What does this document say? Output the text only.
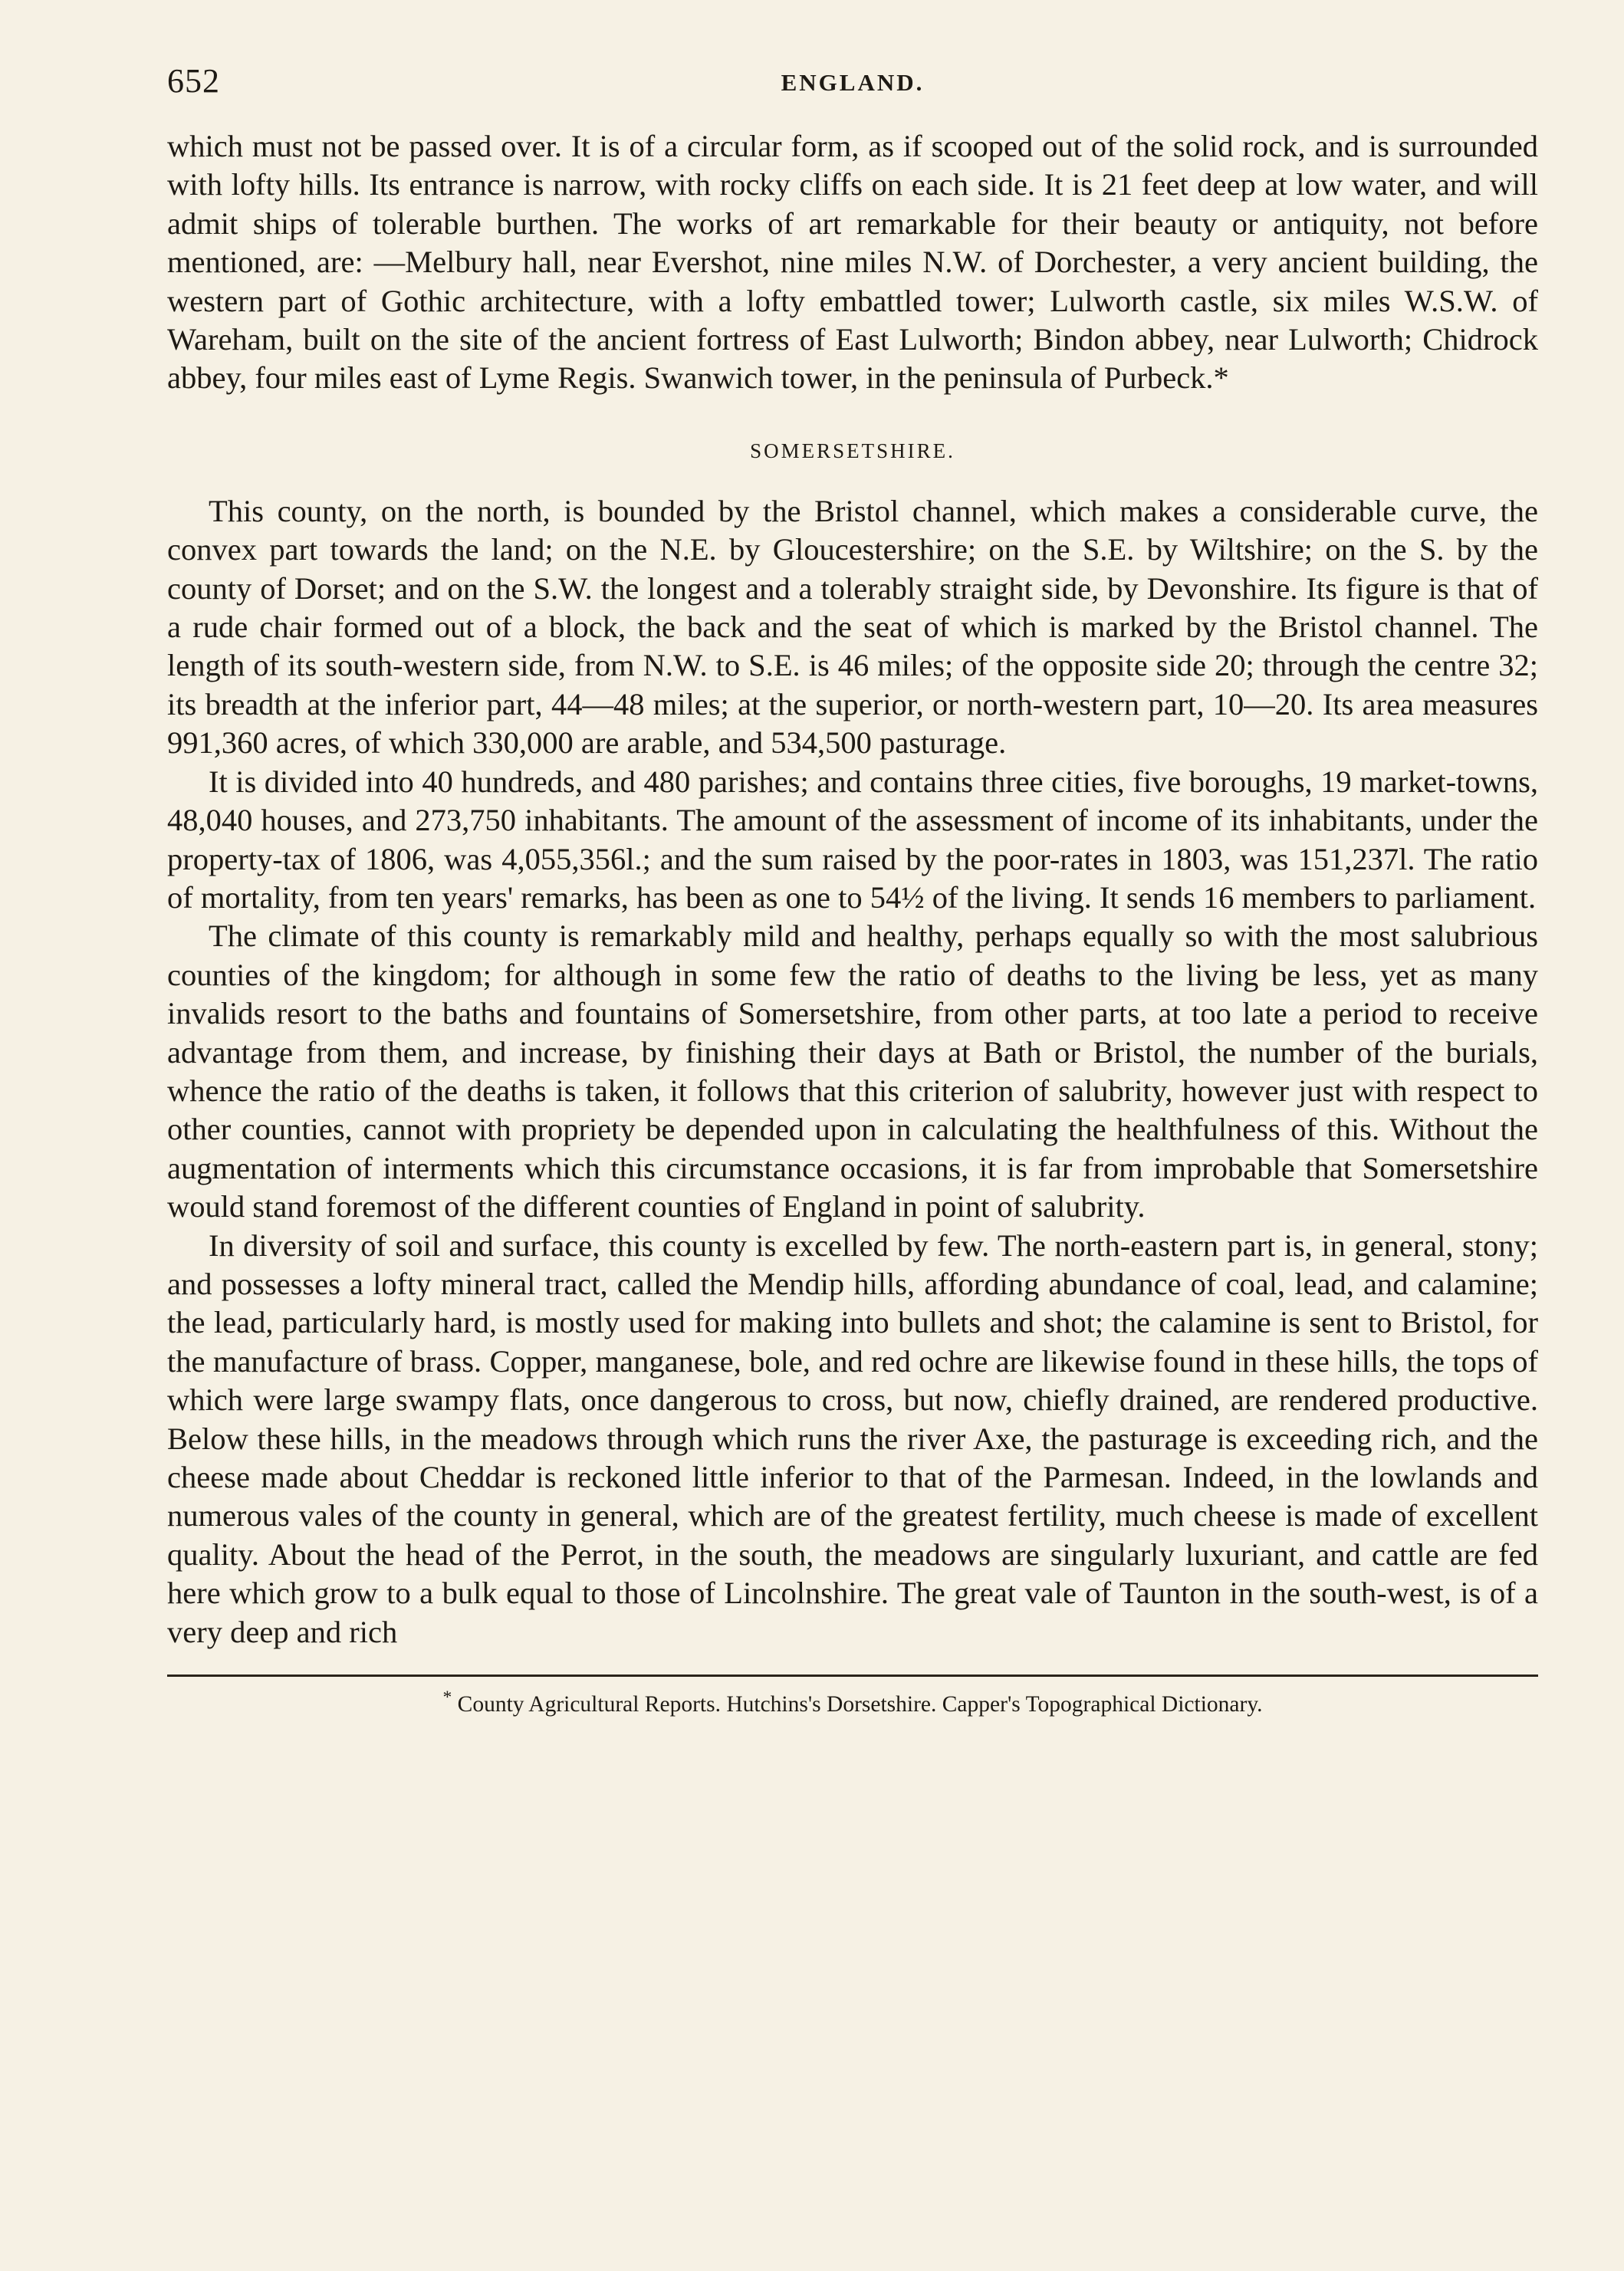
652	ENGLAND.

which must not be passed over. It is of a circular form, as if scooped out of the solid rock, and is surrounded with lofty hills. Its entrance is narrow, with rocky cliffs on each side. It is 21 feet deep at low water, and will admit ships of tolerable burthen. The works of art remarkable for their beauty or antiquity, not before mentioned, are: —Melbury hall, near Evershot, nine miles N.W. of Dorchester, a very ancient building, the western part of Gothic architecture, with a lofty embattled tower; Lulworth castle, six miles W.S.W. of Wareham, built on the site of the ancient fortress of East Lulworth; Bindon abbey, near Lulworth; Chidrock abbey, four miles east of Lyme Regis. Swanwich tower, in the peninsula of Purbeck.*

SOMERSETSHIRE.

This county, on the north, is bounded by the Bristol channel, which makes a considerable curve, the convex part towards the land; on the N.E. by Gloucestershire; on the S.E. by Wiltshire; on the S. by the county of Dorset; and on the S.W. the longest and a tolerably straight side, by Devonshire. Its figure is that of a rude chair formed out of a block, the back and the seat of which is marked by the Bristol channel. The length of its south-western side, from N.W. to S.E. is 46 miles; of the opposite side 20; through the centre 32; its breadth at the inferior part, 44—48 miles; at the superior, or north-western part, 10—20. Its area measures 991,360 acres, of which 330,000 are arable, and 534,500 pasturage.

It is divided into 40 hundreds, and 480 parishes; and contains three cities, five boroughs, 19 market-towns, 48,040 houses, and 273,750 inhabitants. The amount of the assessment of income of its inhabitants, under the property-tax of 1806, was 4,055,356l.; and the sum raised by the poor-rates in 1803, was 151,237l. The ratio of mortality, from ten years' remarks, has been as one to 54½ of the living. It sends 16 members to parliament.

The climate of this county is remarkably mild and healthy, perhaps equally so with the most salubrious counties of the kingdom; for although in some few the ratio of deaths to the living be less, yet as many invalids resort to the baths and fountains of Somersetshire, from other parts, at too late a period to receive advantage from them, and increase, by finishing their days at Bath or Bristol, the number of the burials, whence the ratio of the deaths is taken, it follows that this criterion of salubrity, however just with respect to other counties, cannot with propriety be depended upon in calculating the healthfulness of this. Without the augmentation of interments which this circumstance occasions, it is far from improbable that Somersetshire would stand foremost of the different counties of England in point of salubrity.

In diversity of soil and surface, this county is excelled by few. The north-eastern part is, in general, stony; and possesses a lofty mineral tract, called the Mendip hills, affording abundance of coal, lead, and calamine; the lead, particularly hard, is mostly used for making into bullets and shot; the calamine is sent to Bristol, for the manufacture of brass. Copper, manganese, bole, and red ochre are likewise found in these hills, the tops of which were large swampy flats, once dangerous to cross, but now, chiefly drained, are rendered productive. Below these hills, in the meadows through which runs the river Axe, the pasturage is exceeding rich, and the cheese made about Cheddar is reckoned little inferior to that of the Parmesan. Indeed, in the lowlands and numerous vales of the county in general, which are of the greatest fertility, much cheese is made of excellent quality. About the head of the Perrot, in the south, the meadows are singularly luxuriant, and cattle are fed here which grow to a bulk equal to those of Lincolnshire. The great vale of Taunton in the south-west, is of a very deep and rich

* County Agricultural Reports. Hutchins's Dorsetshire. Capper's Topographical Dictionary.
